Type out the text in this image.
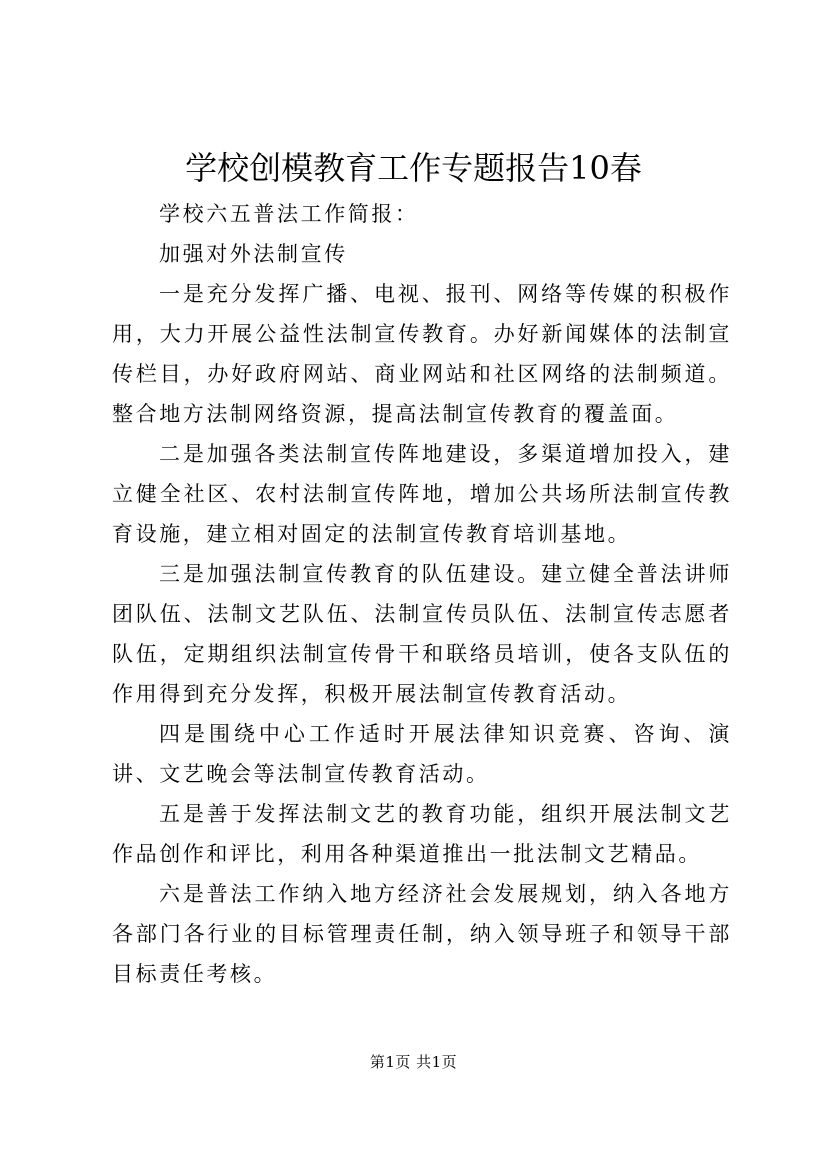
学校创模教育工作专题报告10春

学校六五普法工作简报：

加强对外法制宣传

一是充分发挥广播、电视、报刊、网络等传媒的积极作用，大力开展公益性法制宣传教育。办好新闻媒体的法制宣传栏目，办好政府网站、商业网站和社区网络的法制频道。整合地方法制网络资源，提高法制宣传教育的覆盖面。

二是加强各类法制宣传阵地建设，多渠道增加投入，建立健全社区、农村法制宣传阵地，增加公共场所法制宣传教育设施，建立相对固定的法制宣传教育培训基地。

三是加强法制宣传教育的队伍建设。建立健全普法讲师团队伍、法制文艺队伍、法制宣传员队伍、法制宣传志愿者队伍，定期组织法制宣传骨干和联络员培训，使各支队伍的作用得到充分发挥，积极开展法制宣传教育活动。

四是围绕中心工作适时开展法律知识竞赛、咨询、演讲、文艺晚会等法制宣传教育活动。

五是善于发挥法制文艺的教育功能，组织开展法制文艺作品创作和评比，利用各种渠道推出一批法制文艺精品。

六是普法工作纳入地方经济社会发展规划，纳入各地方各部门各行业的目标管理责任制，纳入领导班子和领导干部目标责任考核。

第1页 共1页
